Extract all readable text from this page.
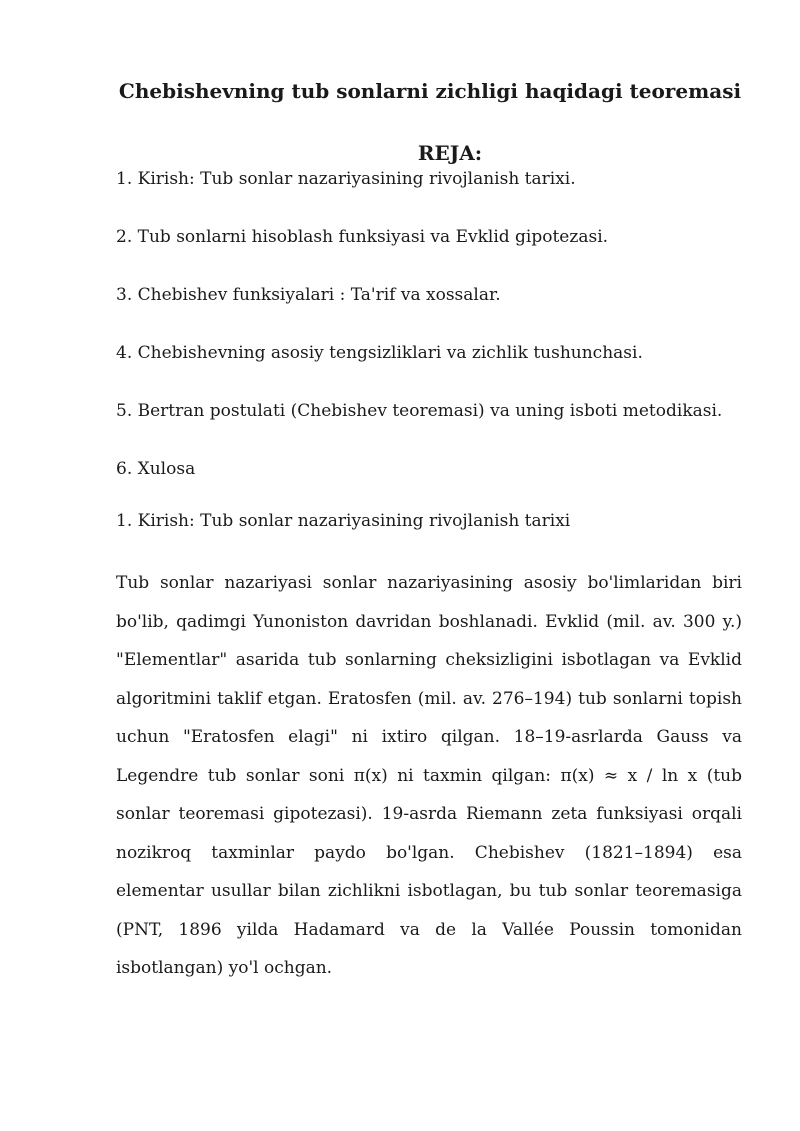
Chebishevning tub sonlarni zichligi haqidagi teoremasi
REJA:
1. Kirish: Tub sonlar nazariyasining rivojlanish tarixi.
2. Tub sonlarni hisoblash funksiyasi va Evklid gipotezasi.
3. Chebishev funksiyalari : Ta'rif va xossalar.
4. Chebishevning asosiy tengsizliklari va zichlik tushunchasi.
5. Bertran postulati (Chebishev teoremasi) va uning isboti metodikasi.
6. Xulosa
1. Kirish: Tub sonlar nazariyasining rivojlanish tarixi

Tub sonlar nazariyasi sonlar nazariyasining asosiy bo'limlaridan biri bo'lib, qadimgi Yunoniston davridan boshlanadi. Evklid (mil. av. 300 y.) "Elementlar" asarida tub sonlarning cheksizligini isbotlagan va Evklid algoritmini taklif etgan. Eratosfen (mil. av. 276–194) tub sonlarni topish uchun "Eratosfen elagi" ni ixtiro qilgan. 18–19-asrlarda Gauss va Legendre tub sonlar soni π(x) ni taxmin qilgan: π(x) ≈ x / ln x (tub sonlar teoremasi gipotezasi). 19-asrda Riemann zeta funksiyasi orqali nozikroq taxminlar paydo bo'lgan. Chebishev (1821–1894) esa elementar usullar bilan zichlikni isbotlagan, bu tub sonlar teoremasiga (PNT, 1896 yilda Hadamard va de la Vallée Poussin tomonidan isbotlangan) yo'l ochgan.
